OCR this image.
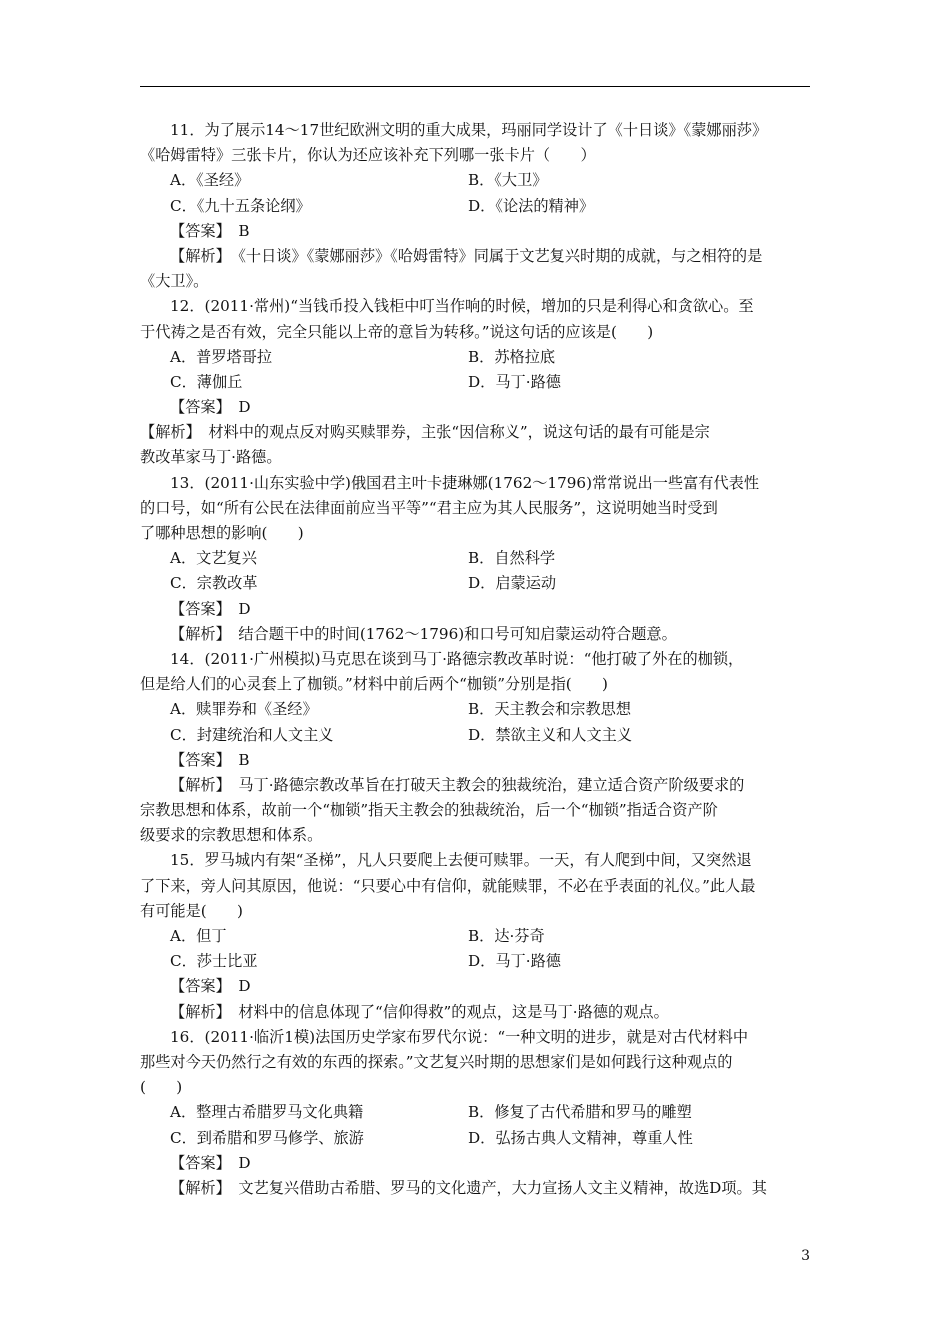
11．为了展示14～17世纪欧洲文明的重大成果，玛丽同学设计了《十日谈》《蒙娜丽莎》
《哈姆雷特》三张卡片，你认为还应该补充下列哪一张卡片（　　）
A．《圣经》	B．《大卫》
C．《九十五条论纲》	D．《论法的精神》
【答案】　B
【解析】　《十日谈》《蒙娜丽莎》《哈姆雷特》同属于文艺复兴时期的成就，与之相符的是
《大卫》。
12．(2011·常州)“当钱币投入钱柜中叮当作响的时候，增加的只是利得心和贪欲心。至
于代祷之是否有效，完全只能以上帝的意旨为转移。”说这句话的应该是(　　)
A．普罗塔哥拉	B．苏格拉底
C．薄伽丘	D．马丁·路德
【答案】　D
【解析】　材料中的观点反对购买赎罪券，主张“因信称义”，说这句话的最有可能是宗
教改革家马丁·路德。
13．(2011·山东实验中学)俄国君主叶卡捷琳娜(1762～1796)常常说出一些富有代表性
的口号，如“所有公民在法律面前应当平等”“君主应为其人民服务”，这说明她当时受到
了哪种思想的影响(　　)
A．文艺复兴	B．自然科学
C．宗教改革	D．启蒙运动
【答案】　D
【解析】　结合题干中的时间(1762～1796)和口号可知启蒙运动符合题意。
14．(2011·广州模拟)马克思在谈到马丁·路德宗教改革时说：“他打破了外在的枷锁，
但是给人们的心灵套上了枷锁。”材料中前后两个“枷锁”分别是指(　　)
A．赎罪券和《圣经》	B．天主教会和宗教思想
C．封建统治和人文主义	D．禁欲主义和人文主义
【答案】　B
【解析】　马丁·路德宗教改革旨在打破天主教会的独裁统治，建立适合资产阶级要求的
宗教思想和体系，故前一个“枷锁”指天主教会的独裁统治，后一个“枷锁”指适合资产阶
级要求的宗教思想和体系。
15．罗马城内有架“圣梯”，凡人只要爬上去便可赎罪。一天，有人爬到中间，又突然退
了下来，旁人问其原因，他说：“只要心中有信仰，就能赎罪，不必在乎表面的礼仪。”此人最
有可能是(　　)
A．但丁	B．达·芬奇
C．莎士比亚	D．马丁·路德
【答案】　D
【解析】　材料中的信息体现了“信仰得救”的观点，这是马丁·路德的观点。
16．(2011·临沂1模)法国历史学家布罗代尔说：“一种文明的进步，就是对古代材料中
那些对今天仍然行之有效的东西的探索。”文艺复兴时期的思想家们是如何践行这种观点的
(　　)
A．整理古希腊罗马文化典籍	B．修复了古代希腊和罗马的雕塑
C．到希腊和罗马修学、旅游	D．弘扬古典人文精神，尊重人性
【答案】　D
【解析】　文艺复兴借助古希腊、罗马的文化遗产，大力宣扬人文主义精神，故选D项。其
3
